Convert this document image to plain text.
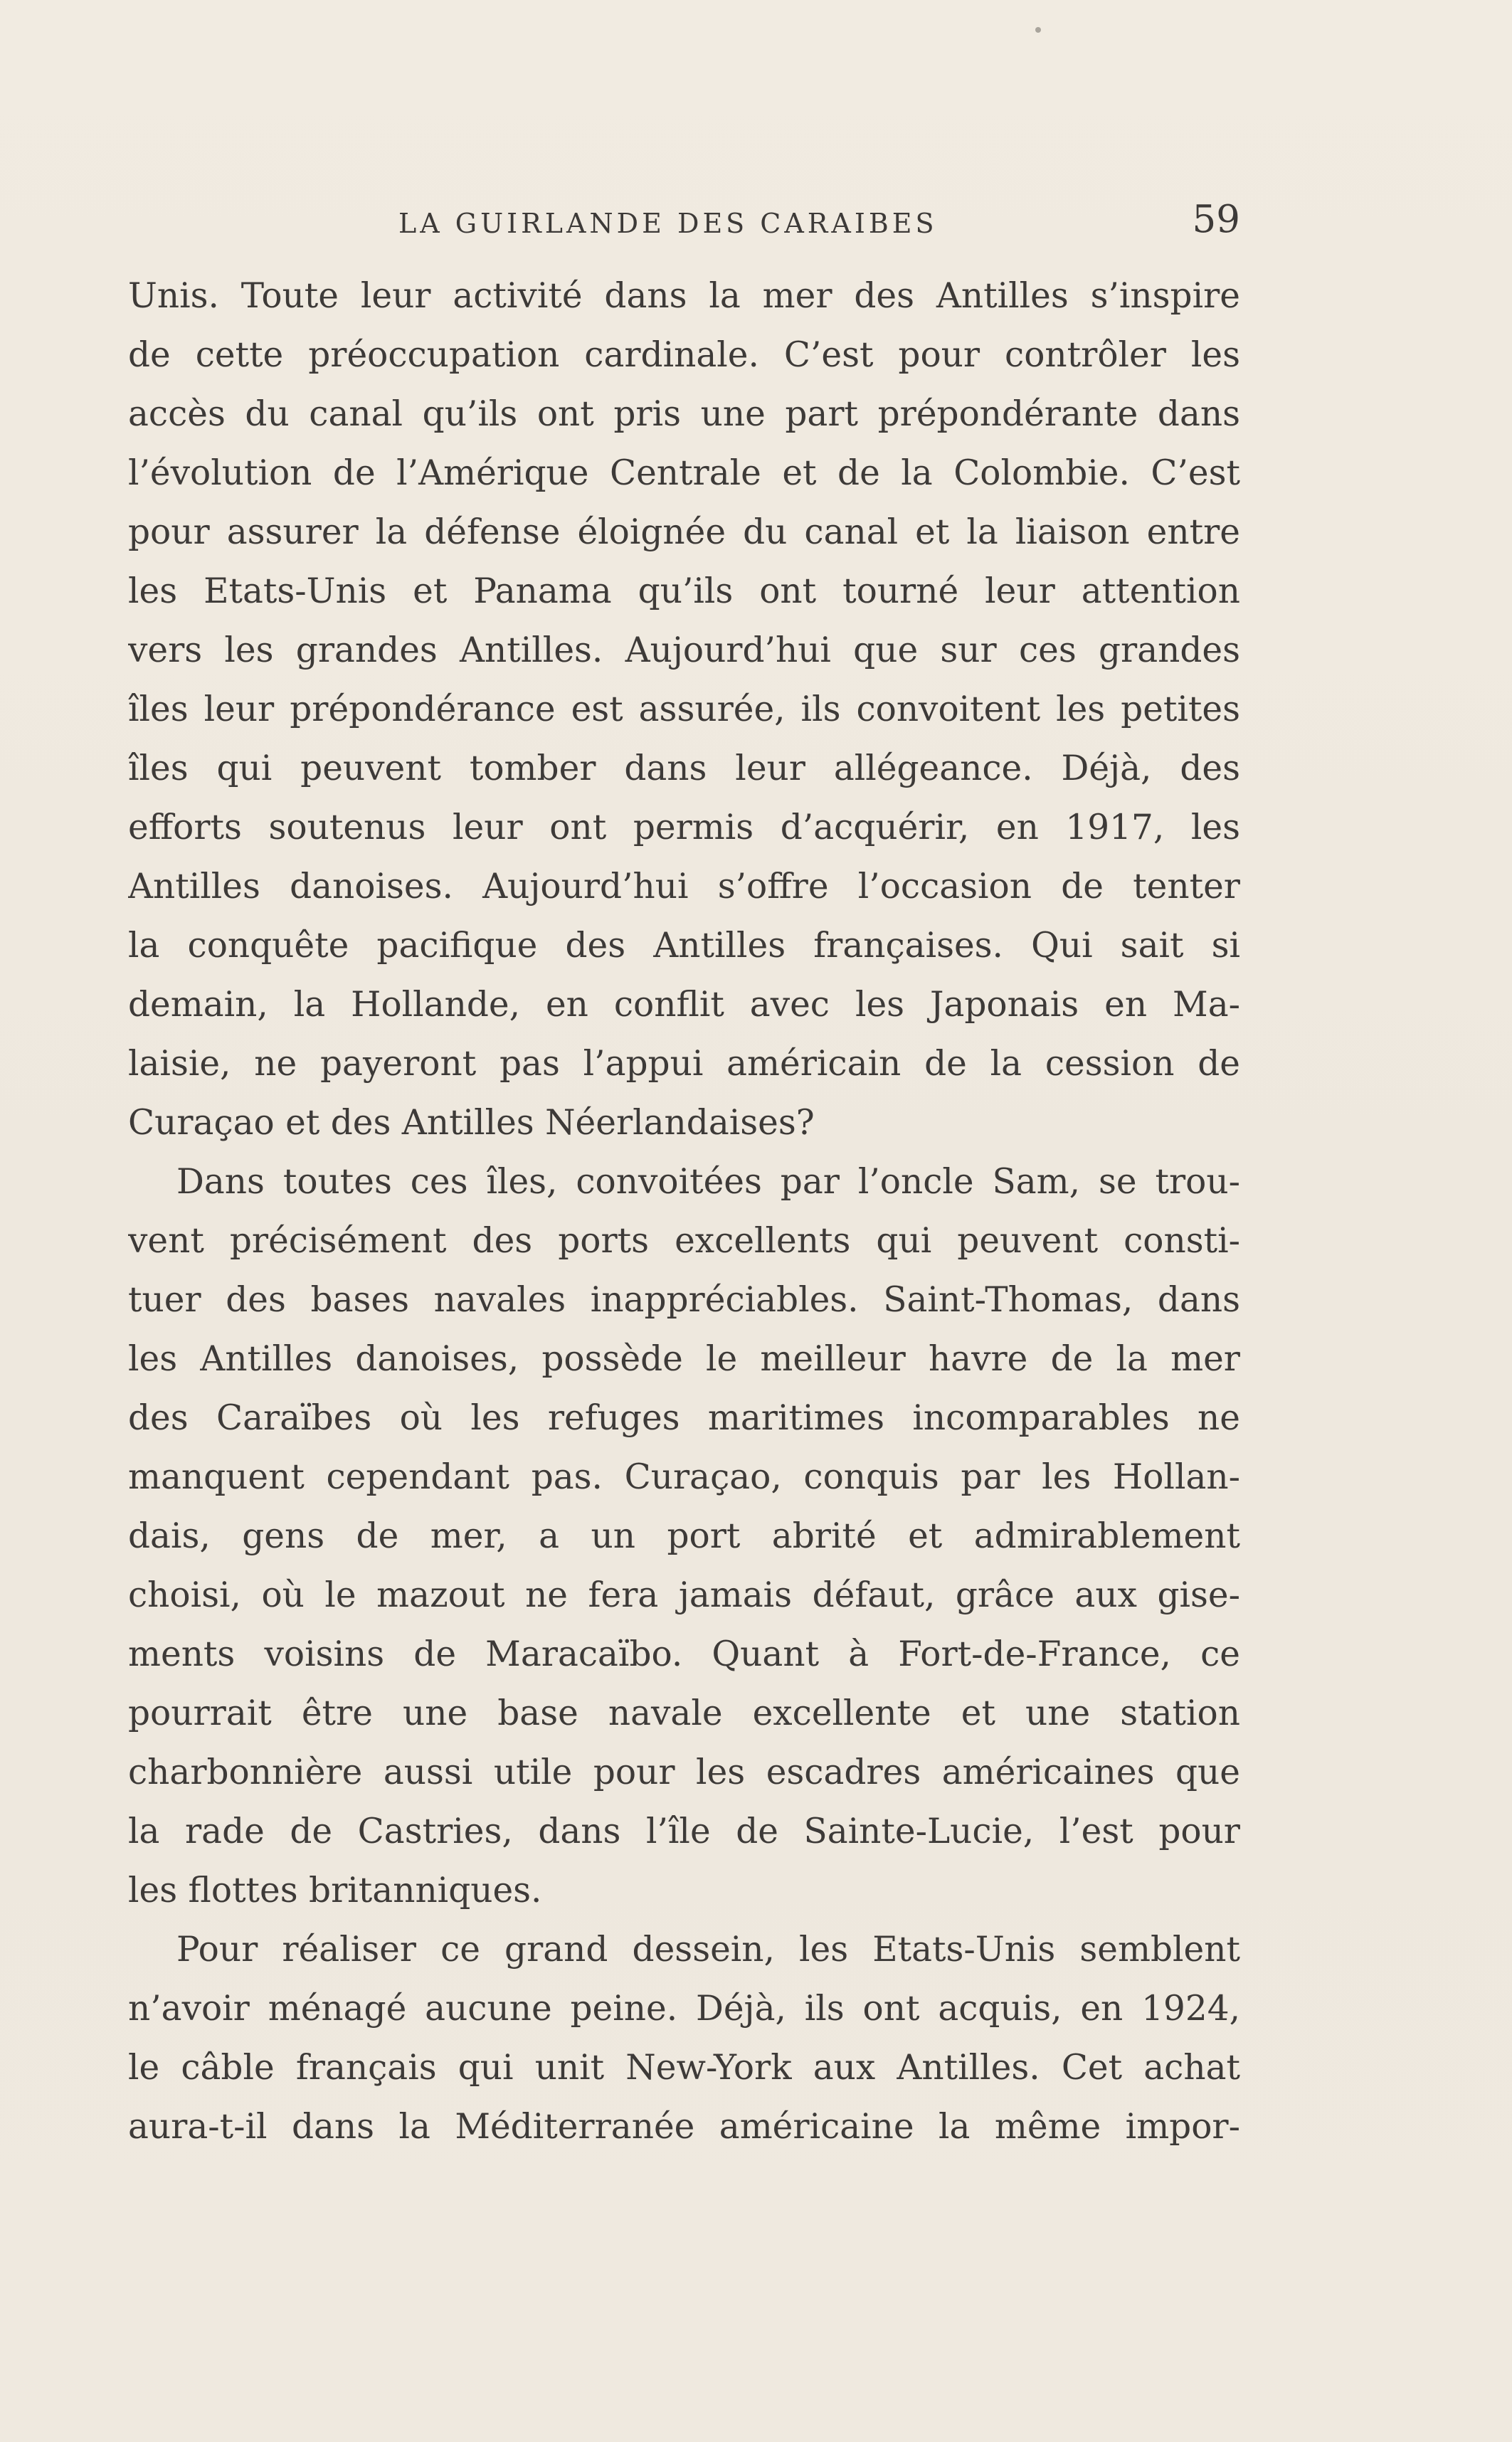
LA GUIRLANDE DES CARAIBES	59
Unis. Toute leur activité dans la mer des Antilles s’inspire
de cette préoccupation cardinale. C’est pour contrôler les
accès du canal qu’ils ont pris une part prépondérante dans
l’évolution de l’Amérique Centrale et de la Colombie. C’est
pour assurer la défense éloignée du canal et la liaison entre
les Etats-Unis et Panama qu’ils ont tourné leur attention
vers les grandes Antilles. Aujourd’hui que sur ces grandes
îles leur prépondérance est assurée, ils convoitent les petites
îles qui peuvent tomber dans leur allégeance. Déjà, des
efforts soutenus leur ont permis d’acquérir, en 1917, les
Antilles danoises. Aujourd’hui s’offre l’occasion de tenter
la conquête pacifique des Antilles françaises. Qui sait si
demain, la Hollande, en conflit avec les Japonais en Ma-
laisie, ne payeront pas l’appui américain de la cession de
Curaçao et des Antilles Néerlandaises?
Dans toutes ces îles, convoitées par l’oncle Sam, se trou-
vent précisément des ports excellents qui peuvent consti-
tuer des bases navales inappréciables. Saint-Thomas, dans
les Antilles danoises, possède le meilleur havre de la mer
des Caraïbes où les refuges maritimes incomparables ne
manquent cependant pas. Curaçao, conquis par les Hollan-
dais, gens de mer, a un port abrité et admirablement
choisi, où le mazout ne fera jamais défaut, grâce aux gise-
ments voisins de Maracaïbo. Quant à Fort-de-France, ce
pourrait être une base navale excellente et une station
charbonnière aussi utile pour les escadres américaines que
la rade de Castries, dans l’île de Sainte-Lucie, l’est pour
les flottes britanniques.
Pour réaliser ce grand dessein, les Etats-Unis semblent
n’avoir ménagé aucune peine. Déjà, ils ont acquis, en 1924,
le câble français qui unit New-York aux Antilles. Cet achat
aura-t-il dans la Méditerranée américaine la même impor-
